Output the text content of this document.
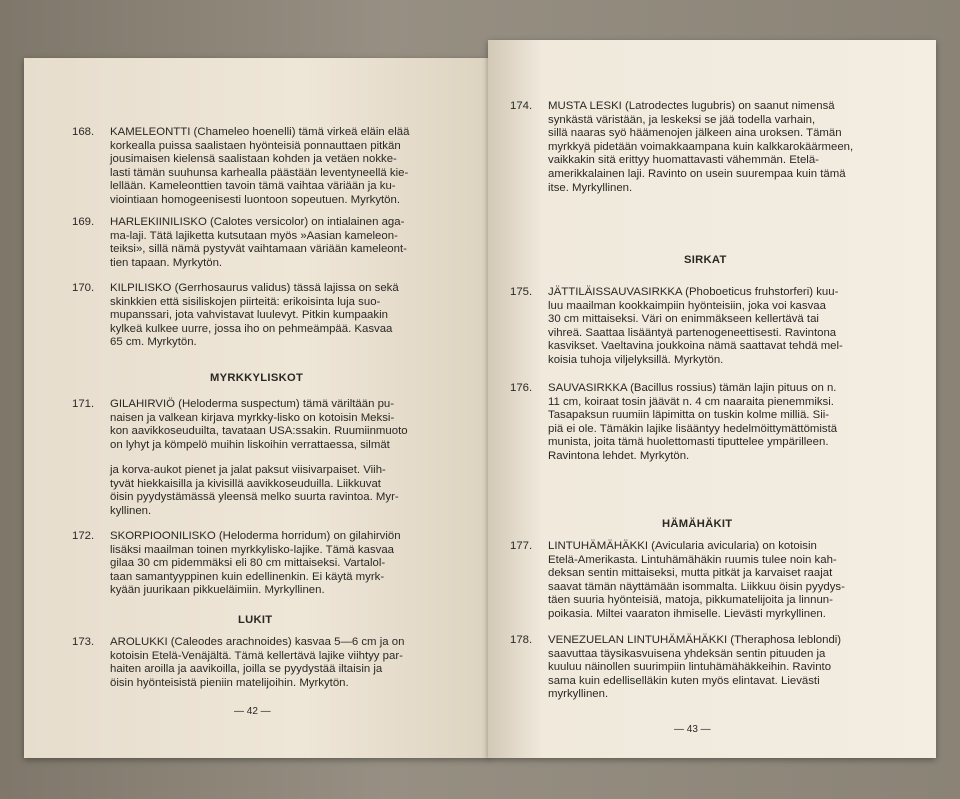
168. KAMELEONTTI (Chameleo hoenelli) tämä virkeä eläin elää
korkealla puissa saalistaen hyönteisiä ponnauttaen pitkän
jousimaisen kielensä saalistaan kohden ja vetäen nokke-
lasti tämän suuhunsa karhealla päästään leventyneellä kie-
lellään. Kameleonttien tavoin tämä vaihtaa väriään ja ku-
viointiaan homogeenisesti luontoon sopeutuen. Myrkytön.
169. HARLEKIINILISKO (Calotes versicolor) on intialainen aga-
ma-laji. Tätä lajiketta kutsutaan myös »Aasian kameleon-
teiksi», sillä nämä pystyvät vaihtamaan väriään kameleont-
tien tapaan. Myrkytön.
170. KILPILISKO (Gerrhosaurus validus) tässä lajissa on sekä
skinkkien että sisiliskojen piirteitä: erikoisinta luja suo-
mupanssari, jota vahvistavat luulevyt. Pitkin kumpaakin
kylkeä kulkee uurre, jossa iho on pehmeämpää. Kasvaa
65 cm. Myrkytön.
MYRKKYLISKOT
171. GILAHIRVIÖ (Heloderma suspectum) tämä väriltään pu-
naisen ja valkean kirjava myrkky-lisko on kotoisin Meksi-
kon aavikkoseuduilta, tavataan USA:ssakin. Ruumiinmuoto
on lyhyt ja kömpelö muihin liskoihin verrattaessa, silmät
ja korva-aukot pienet ja jalat paksut viisivarpaiset. Viih-
tyvät hiekkaisilla ja kivisillä aavikkoseuduilla. Liikkuvat
öisin pyydystämässä yleensä melko suurta ravintoa. Myr-
kyllinen.
172. SKORPIOONILISKO (Heloderma horridum) on gilahirviön
lisäksi maailman toinen myrkkylisko-lajike. Tämä kasvaa
gilaa 30 cm pidemmäksi eli 80 cm mittaiseksi. Vartalol-
taan samantyyppinen kuin edellinenkin. Ei käytä myrk-
kyään juurikaan pikkueläimiin. Myrkyllinen.
LUKIT
173. AROLUKKI (Caleodes arachnoides) kasvaa 5—6 cm ja on
kotoisin Etelä-Venäjältä. Tämä kellertävä lajike viihtyy par-
haiten aroilla ja aavikoilla, joilla se pyydystää iltaisin ja
öisin hyönteisistä pieniin matelijoihin. Myrkytön.
— 42 —
174. MUSTA LESKI (Latrodectes lugubris) on saanut nimensä
synkästä väristään, ja leskeksi se jää todella varhain,
sillä naaras syö häämenojen jälkeen aina uroksen. Tämän
myrkkyä pidetään voimakkaampana kuin kalkkarokäärmeen,
vaikkakin sitä erittyy huomattavasti vähemmän. Etelä-
amerikkalainen laji. Ravinto on usein suurempaa kuin tämä
itse. Myrkyllinen.
SIRKAT
175. JÄTTILÄISSAUVASIRKKA (Phoboeticus fruhstorferi) kuu-
luu maailman kookkaimpiin hyönteisiin, joka voi kasvaa
30 cm mittaiseksi. Väri on enimmäkseen kellertävä tai
vihreä. Saattaa lisääntyä partenogeneettisesti. Ravintona
kasvikset. Vaeltavina joukkoina nämä saattavat tehdä mel-
koisia tuhoja viljelyksillä. Myrkytön.
176. SAUVASIRKKA (Bacillus rossius) tämän lajin pituus on n.
11 cm, koiraat tosin jäävät n. 4 cm naaraita pienemmiksi.
Tasapaksun ruumiin läpimitta on tuskin kolme milliä. Sii-
piä ei ole. Tämäkin lajike lisääntyy hedelmöittymättömistä
munista, joita tämä huolettomasti tiputtelee ympärilleen.
Ravintona lehdet. Myrkytön.
HÄMÄHÄKIT
177. LINTUHÄMÄHÄKKI (Avicularia avicularia) on kotoisin
Etelä-Amerikasta. Lintuhämähäkin ruumis tulee noin kah-
deksan sentin mittaiseksi, mutta pitkät ja karvaiset raajat
saavat tämän näyttämään isommalta. Liikkuu öisin pyydys-
täen suuria hyönteisiä, matoja, pikkumatelijoita ja linnun-
poikasia. Miltei vaaraton ihmiselle. Lievästi myrkyllinen.
178. VENEZUELAN LINTUHÄMÄHÄKKI (Theraphosa leblondi)
saavuttaa täysikasvuisena yhdeksän sentin pituuden ja
kuuluu näinollen suurimpiin lintuhämähäkkeihin. Ravinto
sama kuin edelliselläkin kuten myös elintavat. Lievästi
myrkyllinen.
— 43 —
